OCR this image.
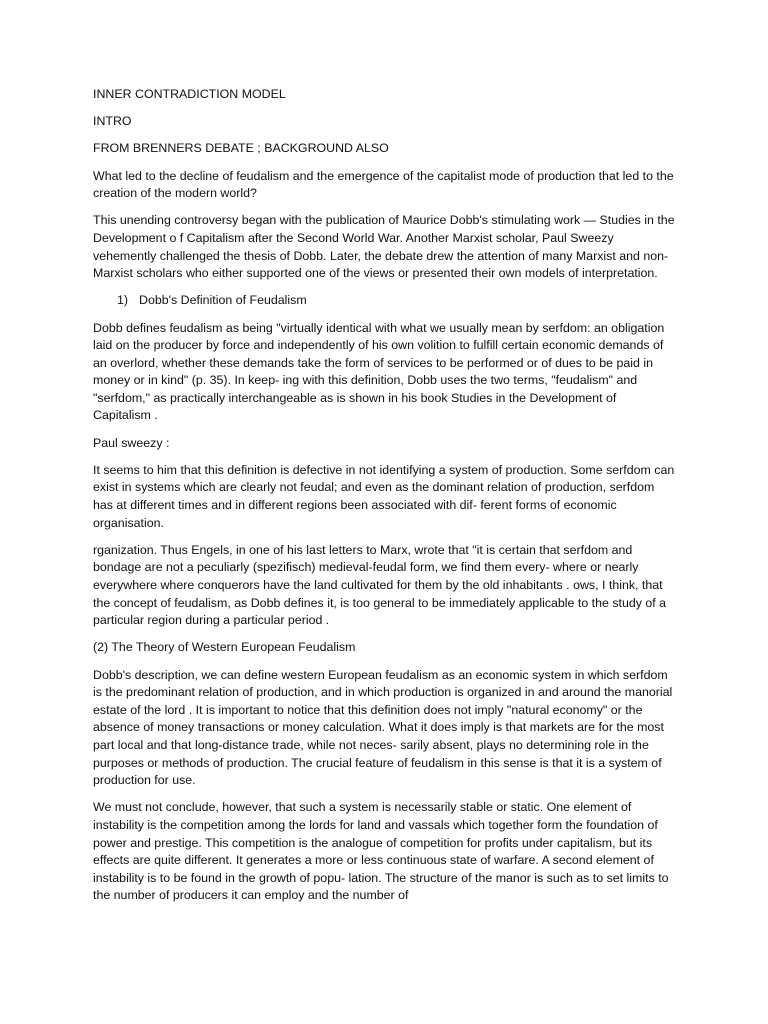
INNER CONTRADICTION MODEL

INTRO

FROM BRENNERS DEBATE ; BACKGROUND ALSO

What led to the decline of feudalism and the emergence of the capitalist mode of production that led to the creation of the modern world?

This unending controversy began with the publication of Maurice Dobb's stimulating work — Studies in the Development o f Capitalism after the Second World War. Another Marxist scholar, Paul Sweezy vehemently challenged the thesis of Dobb. Later, the debate drew the attention of many Marxist and non-Marxist scholars who either supported one of the views or presented their own models of interpretation.

1) Dobb's Definition of Feudalism

Dobb defines feudalism as being "virtually identical with what we usually mean by serfdom: an obligation laid on the producer by force and independently of his own volition to fulfill certain economic demands of an overlord, whether these demands take the form of services to be performed or of dues to be paid in money or in kind" (p. 35). In keep- ing with this definition, Dobb uses the two terms, "feudalism" and "serfdom," as practically interchangeable as is shown in his book Studies in the Development of Capitalism .

Paul sweezy :

It seems to him that this definition is defective in not identifying a system of production. Some serfdom can exist in systems which are clearly not feudal; and even as the dominant relation of production, serfdom has at different times and in different regions been associated with dif- ferent forms of economic organisation.

rganization. Thus Engels, in one of his last letters to Marx, wrote that "it is certain that serfdom and bondage are not a peculiarly (spezifisch) medieval-feudal form, we find them every- where or nearly everywhere where conquerors have the land cultivated for them by the old inhabitants . ows, I think, that the concept of feudalism, as Dobb defines it, is too general to be immediately applicable to the study of a particular region during a particular period .

(2) The Theory of Western European Feudalism

Dobb's description, we can define western European feudalism as an economic system in which serfdom is the predominant relation of production, and in which production is organized in and around the manorial estate of the lord . It is important to notice that this definition does not imply "natural economy" or the absence of money transactions or money calculation. What it does imply is that markets are for the most part local and that long-distance trade, while not neces- sarily absent, plays no determining role in the purposes or methods of production. The crucial feature of feudalism in this sense is that it is a system of production for use.

We must not conclude, however, that such a system is necessarily stable or static. One element of instability is the competition among the lords for land and vassals which together form the foundation of power and prestige. This competition is the analogue of competition for profits under capitalism, but its effects are quite different. It generates a more or less continuous state of warfare. A second element of instability is to be found in the growth of popu- lation. The structure of the manor is such as to set limits to the number of producers it can employ and the number of
